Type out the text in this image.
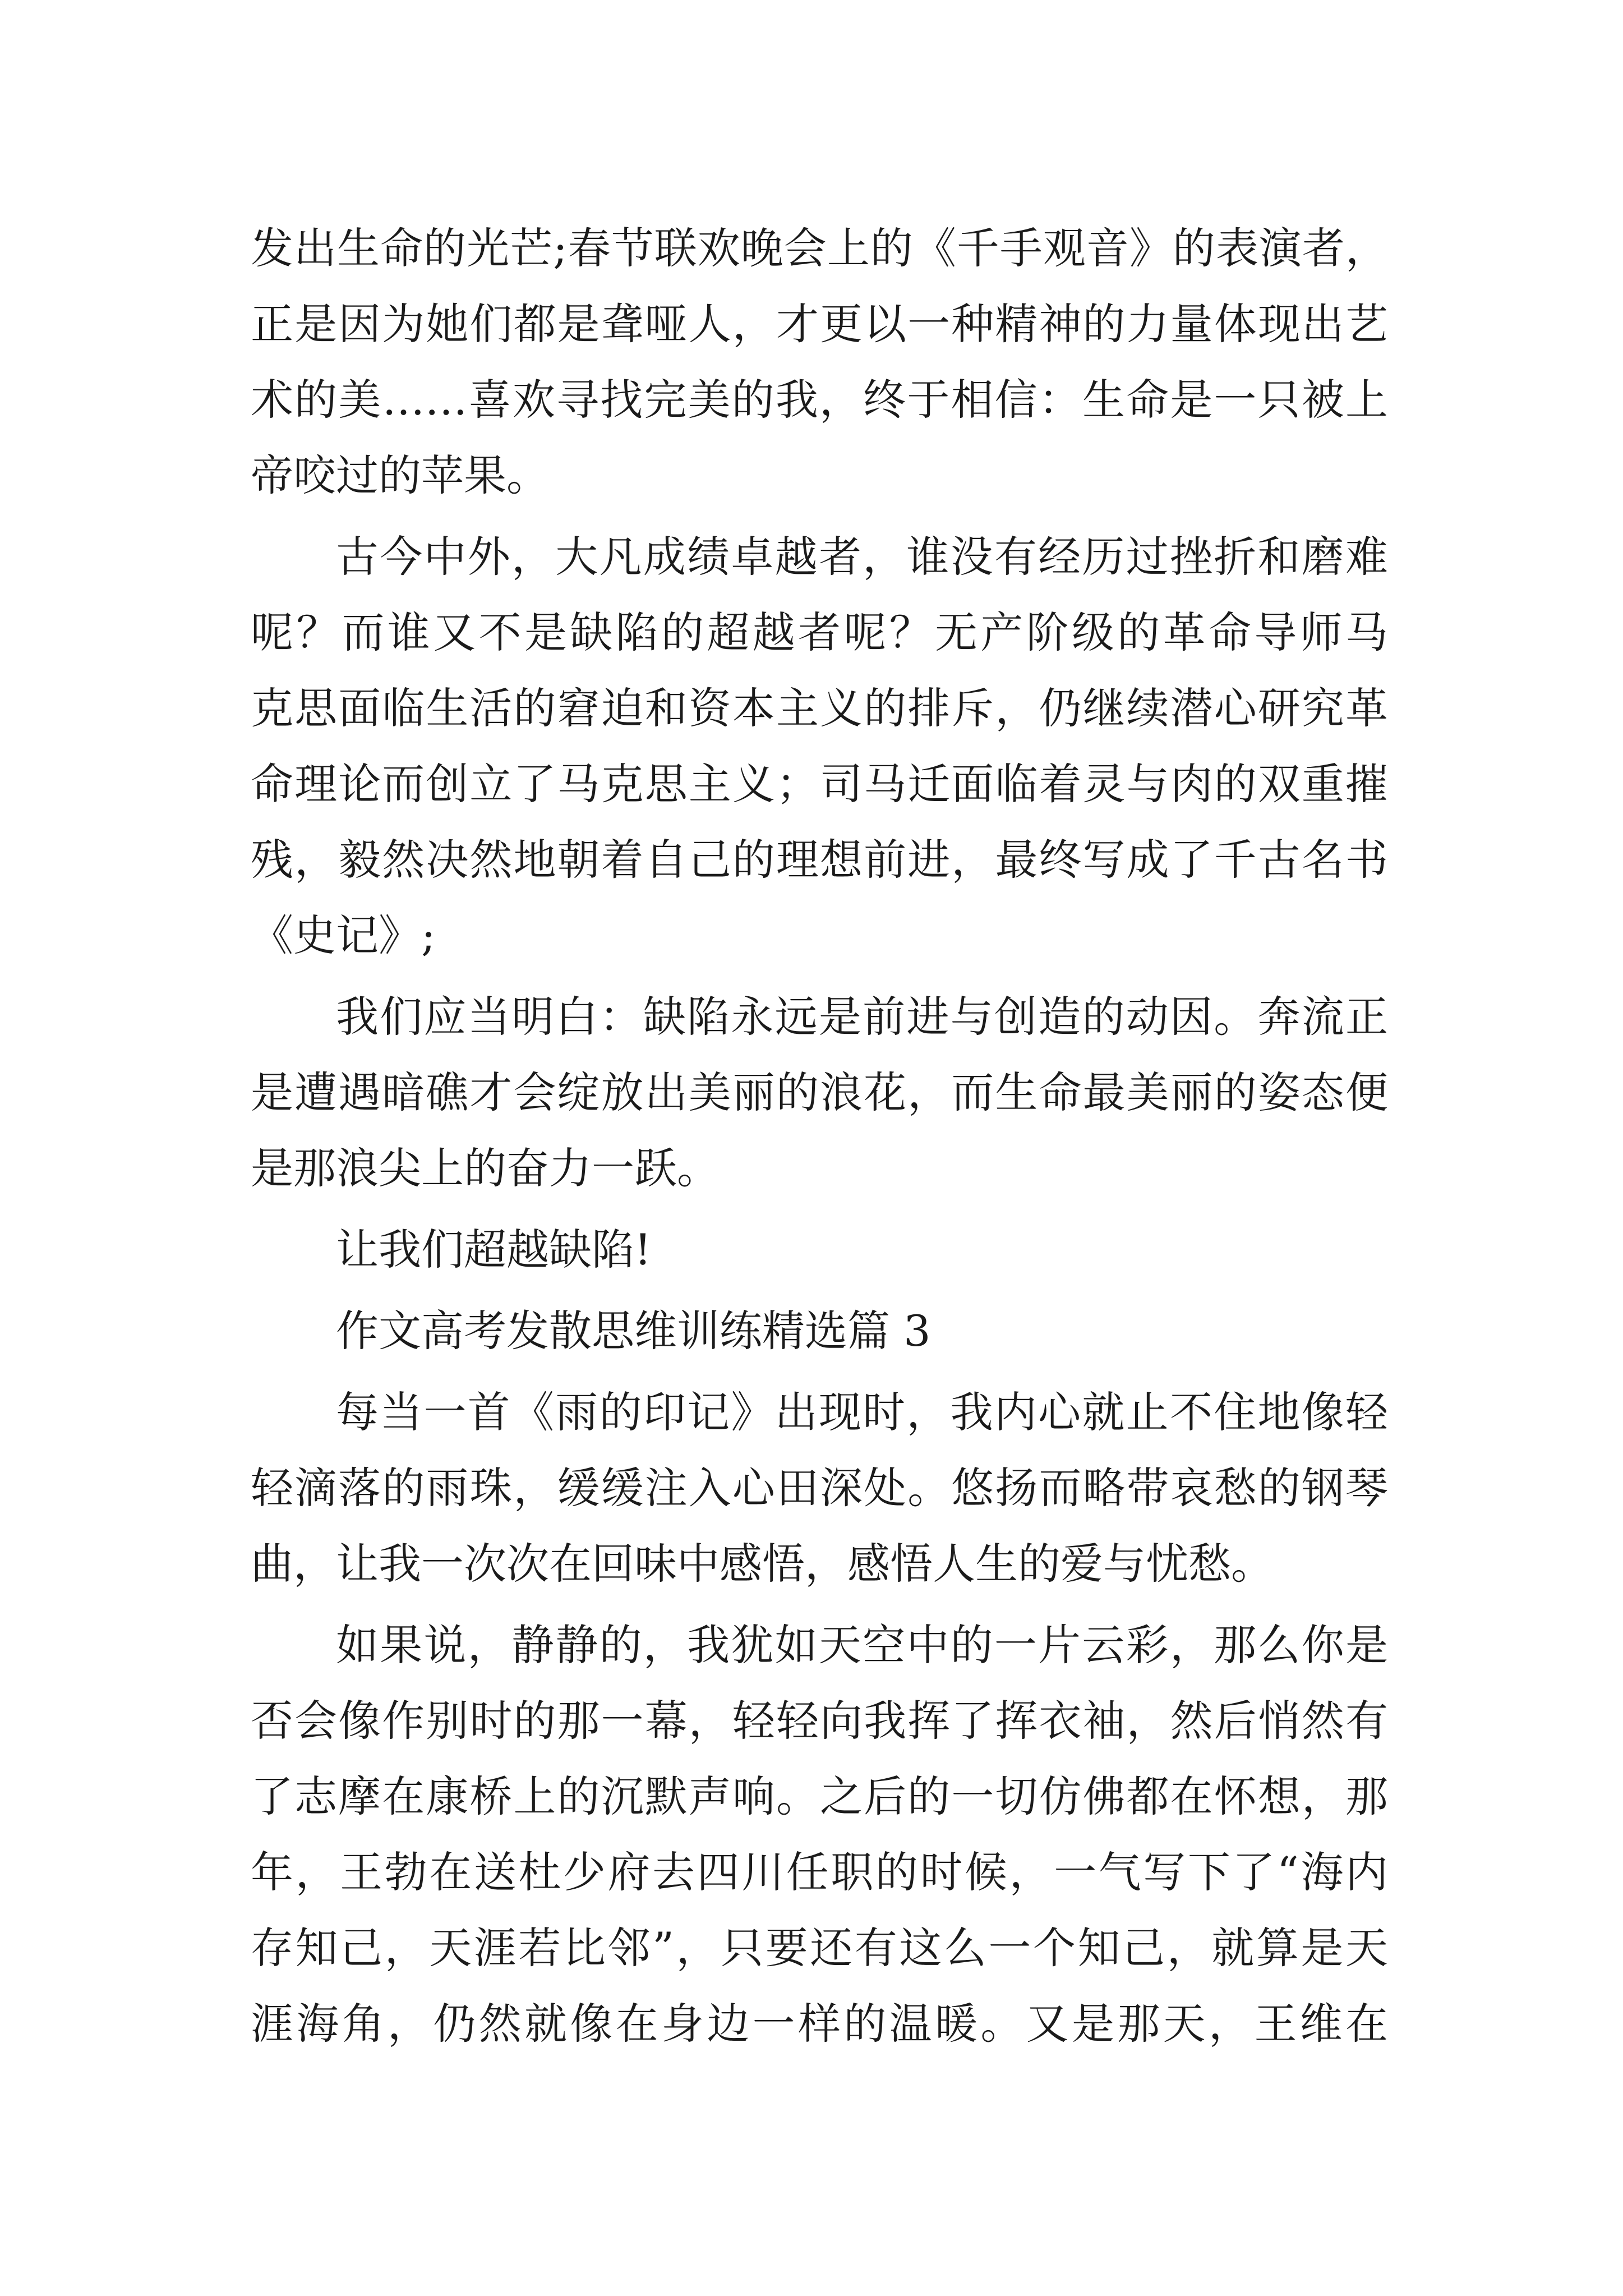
发出生命的光芒;春节联欢晚会上的《千手观音》的表演者，
正是因为她们都是聋哑人，才更以一种精神的力量体现出艺
术的美……喜欢寻找完美的我，终于相信：生命是一只被上
帝咬过的苹果。
古今中外，大凡成绩卓越者，谁没有经历过挫折和磨难
呢？而谁又不是缺陷的超越者呢？无产阶级的革命导师马
克思面临生活的窘迫和资本主义的排斥，仍继续潜心研究革
命理论而创立了马克思主义；司马迁面临着灵与肉的双重摧
残，毅然决然地朝着自己的理想前进，最终写成了千古名书
《史记》;
我们应当明白：缺陷永远是前进与创造的动因。奔流正
是遭遇暗礁才会绽放出美丽的浪花，而生命最美丽的姿态便
是那浪尖上的奋力一跃。
让我们超越缺陷!
作文高考发散思维训练精选篇 3
每当一首《雨的印记》出现时，我内心就止不住地像轻
轻滴落的雨珠，缓缓注入心田深处。悠扬而略带哀愁的钢琴
曲，让我一次次在回味中感悟，感悟人生的爱与忧愁。
如果说，静静的，我犹如天空中的一片云彩，那么你是
否会像作别时的那一幕，轻轻向我挥了挥衣袖，然后悄然有
了志摩在康桥上的沉默声响。之后的一切仿佛都在怀想，那
年，王勃在送杜少府去四川任职的时候，一气写下了“海内
存知己，天涯若比邻”，只要还有这么一个知己，就算是天
涯海角，仍然就像在身边一样的温暖。又是那天，王维在
